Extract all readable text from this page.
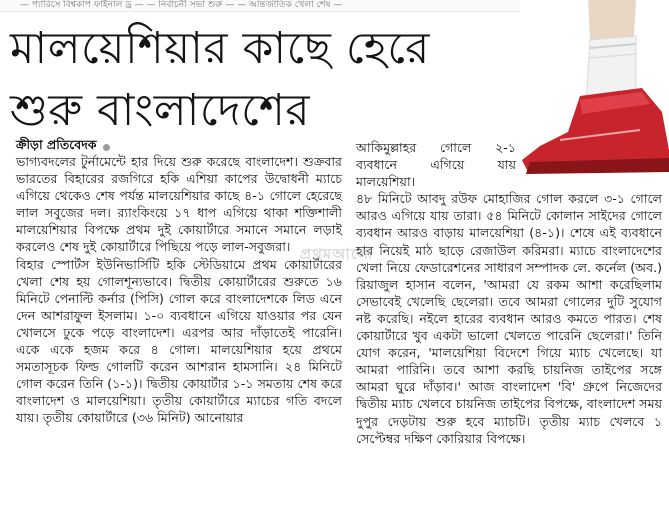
— প্যারিসে বিশ্বকাপ ফাইনাল ড্র — — নির্বাচনী সভা শুরু — — আন্তর্জাতিক খেলা শেষ —
মালয়েশিয়ার কাছে হেরে
শুরু বাংলাদেশের
ক্রীড়া প্রতিবেদক

ভাগ্যবদলের টুর্নামেন্টে হার দিয়ে শুরু করেছে বাংলাদেশ। শুক্রবার ভারতের বিহারের রজগিরে হকি এশিয়া কাপের উদ্বোধনী ম্যাচে এগিয়ে থেকেও শেষ পর্যন্ত মালয়েশিয়ার কাছে ৪-১ গোলে হেরেছে লাল সবুজের দল। র‍্যাংকিংয়ে ১৭ ধাপ এগিয়ে থাকা শক্তিশালী মালয়েশিয়ার বিপক্ষে প্রথম দুই কোয়ার্টারে সমানে সমানে লড়াই করলেও শেষ দুই কোয়ার্টারে পিছিয়ে পড়ে লাল-সবুজরা।

বিহার স্পোর্টস ইউনিভার্সিটি হকি স্টেডিয়ামে প্রথম কোয়ার্টারের খেলা শেষ হয় গোলশূন্যভাবে। দ্বিতীয় কোয়ার্টারের শুরুতে ১৬ মিনিটে পেনাল্টি কর্নার (পিসি) গোল করে বাংলাদেশকে লিড এনে দেন আশরাফুল ইসলাম। ১-০ ব্যবধানে এগিয়ে যাওয়ার পর যেন খোলসে ঢুকে পড়ে বাংলাদেশ। এরপর আর দাঁড়াতেই পারেনি। একে একে হজম করে ৪ গোল। মালয়েশিয়ার হয়ে প্রথমে সমতাসূচক ফিল্ড গোলটি করেন আশরান হামসানি। ২৪ মিনিটে গোল করেন তিনি (১-১)। দ্বিতীয় কোয়ার্টার ১-১ সমতায় শেষ করে বাংলাদেশ ও মালয়েশিয়া। তৃতীয় কোয়ার্টারে ম্যাচের গতি বদলে যায়। তৃতীয় কোয়ার্টারে (৩৬ মিনিট) আনোয়ার

আকিমুল্লাহর গোলে ২-১ ব্যবধানে এগিয়ে যায় মালয়েশিয়া।

৪৮ মিনিটে আবদু রউফ মোহাজির গোল করলে ৩-১ গোলে আরও এগিয়ে যায় তারা। ৫৪ মিনিটে কোলান সাইদের গোলে ব্যবধান আরও বাড়ায় মালয়েশিয়া (৪-১)। শেষে এই ব্যবধানে হার নিয়েই মাঠ ছাড়ে রেজাউল করিমরা। ম্যাচে বাংলাদেশের খেলা নিয়ে ফেডারেশনের সাধারণ সম্পাদক লে. কর্নেল (অব.) রিয়াজুল হাসান বলেন, 'আমরা যে রকম আশা করেছিলাম সেভাবেই খেলেছি ছেলেরা। তবে আমরা গোলের দুটি সুযোগ নষ্ট করেছি। নইলে হারের ব্যবধান আরও কমতে পারত। শেষ কোয়ার্টারে খুব একটা ভালো খেলতে পারেনি ছেলেরা।' তিনি যোগ করেন, 'মালয়েশিয়া বিদেশে গিয়ে ম্যাচ খেলেছে। যা আমরা পারিনি। তবে আশা করছি চায়নিজ তাইপের সঙ্গে আমরা ঘুরে দাঁড়াব।' আজ বাংলাদেশ 'বি' গ্রুপে নিজেদের দ্বিতীয় ম্যাচ খেলবে চায়নিজ তাইপের বিপক্ষে, বাংলাদেশ সময় দুপুর দেড়টায় শুরু হবে ম্যাচটি। তৃতীয় ম্যাচ খেলবে ১ সেপ্টেম্বর দক্ষিণ কোরিয়ার বিপক্ষে।

প্রথমআলো
